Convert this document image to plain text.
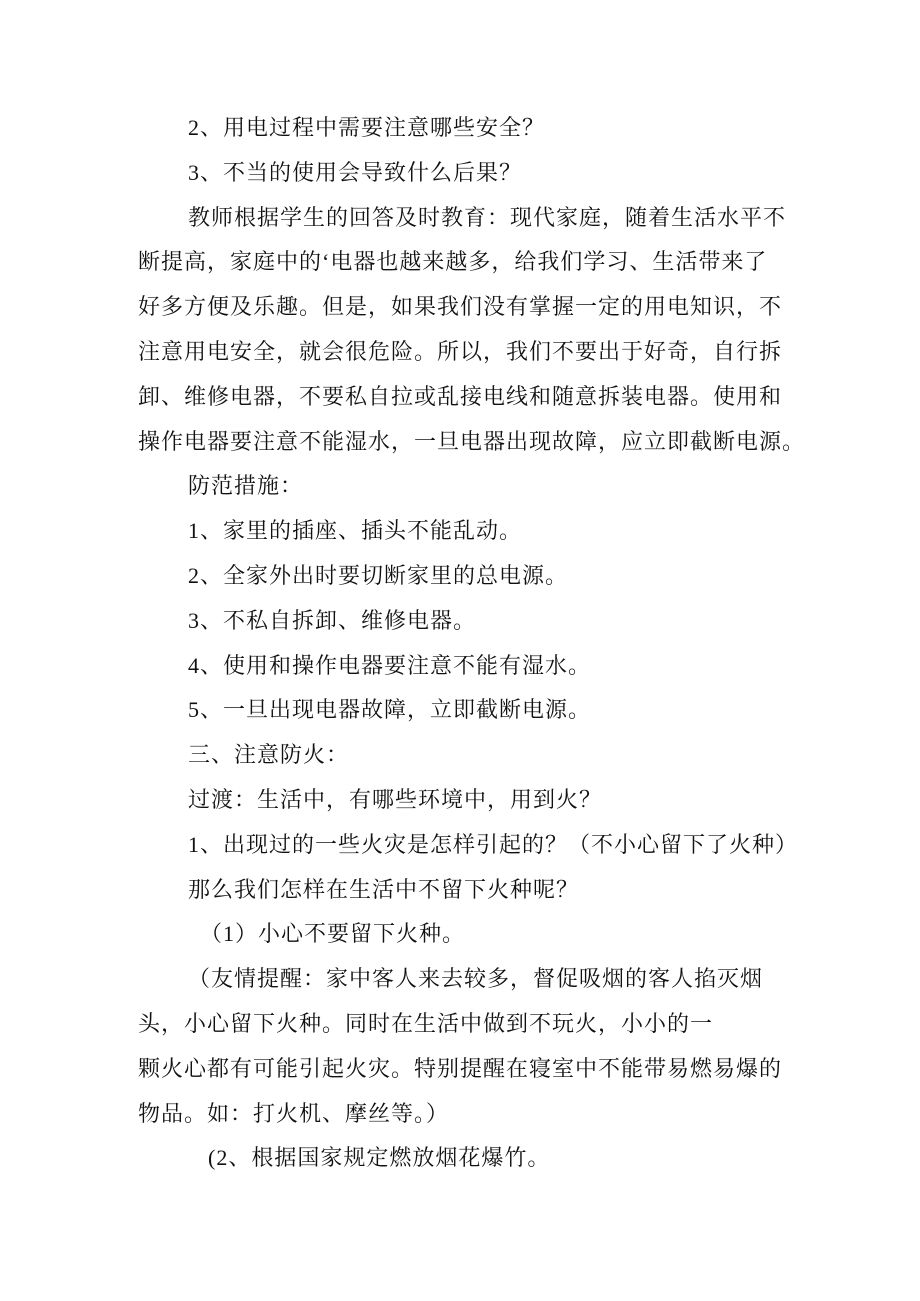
2、用电过程中需要注意哪些安全？
3、不当的使用会导致什么后果？
教师根据学生的回答及时教育：现代家庭，随着生活水平不
断提高，家庭中的‘电器也越来越多，给我们学习、生活带来了
好多方便及乐趣。但是，如果我们没有掌握一定的用电知识，不
注意用电安全，就会很危险。所以，我们不要出于好奇，自行拆
卸、维修电器，不要私自拉或乱接电线和随意拆装电器。使用和
操作电器要注意不能湿水，一旦电器出现故障，应立即截断电源。
防范措施：
1、家里的插座、插头不能乱动。
2、全家外出时要切断家里的总电源。
3、不私自拆卸、维修电器。
4、使用和操作电器要注意不能有湿水。
5、一旦出现电器故障，立即截断电源。
三、注意防火：
过渡：生活中，有哪些环境中，用到火？
1、出现过的一些火灾是怎样引起的？（不小心留下了火种）
那么我们怎样在生活中不留下火种呢？
（1）小心不要留下火种。
（友情提醒：家中客人来去较多，督促吸烟的客人掐灭烟
头，小心留下火种。同时在生活中做到不玩火，小小的一
颗火心都有可能引起火灾。特别提醒在寝室中不能带易燃易爆的
物品。如：打火机、摩丝等。）
(2、根据国家规定燃放烟花爆竹。
